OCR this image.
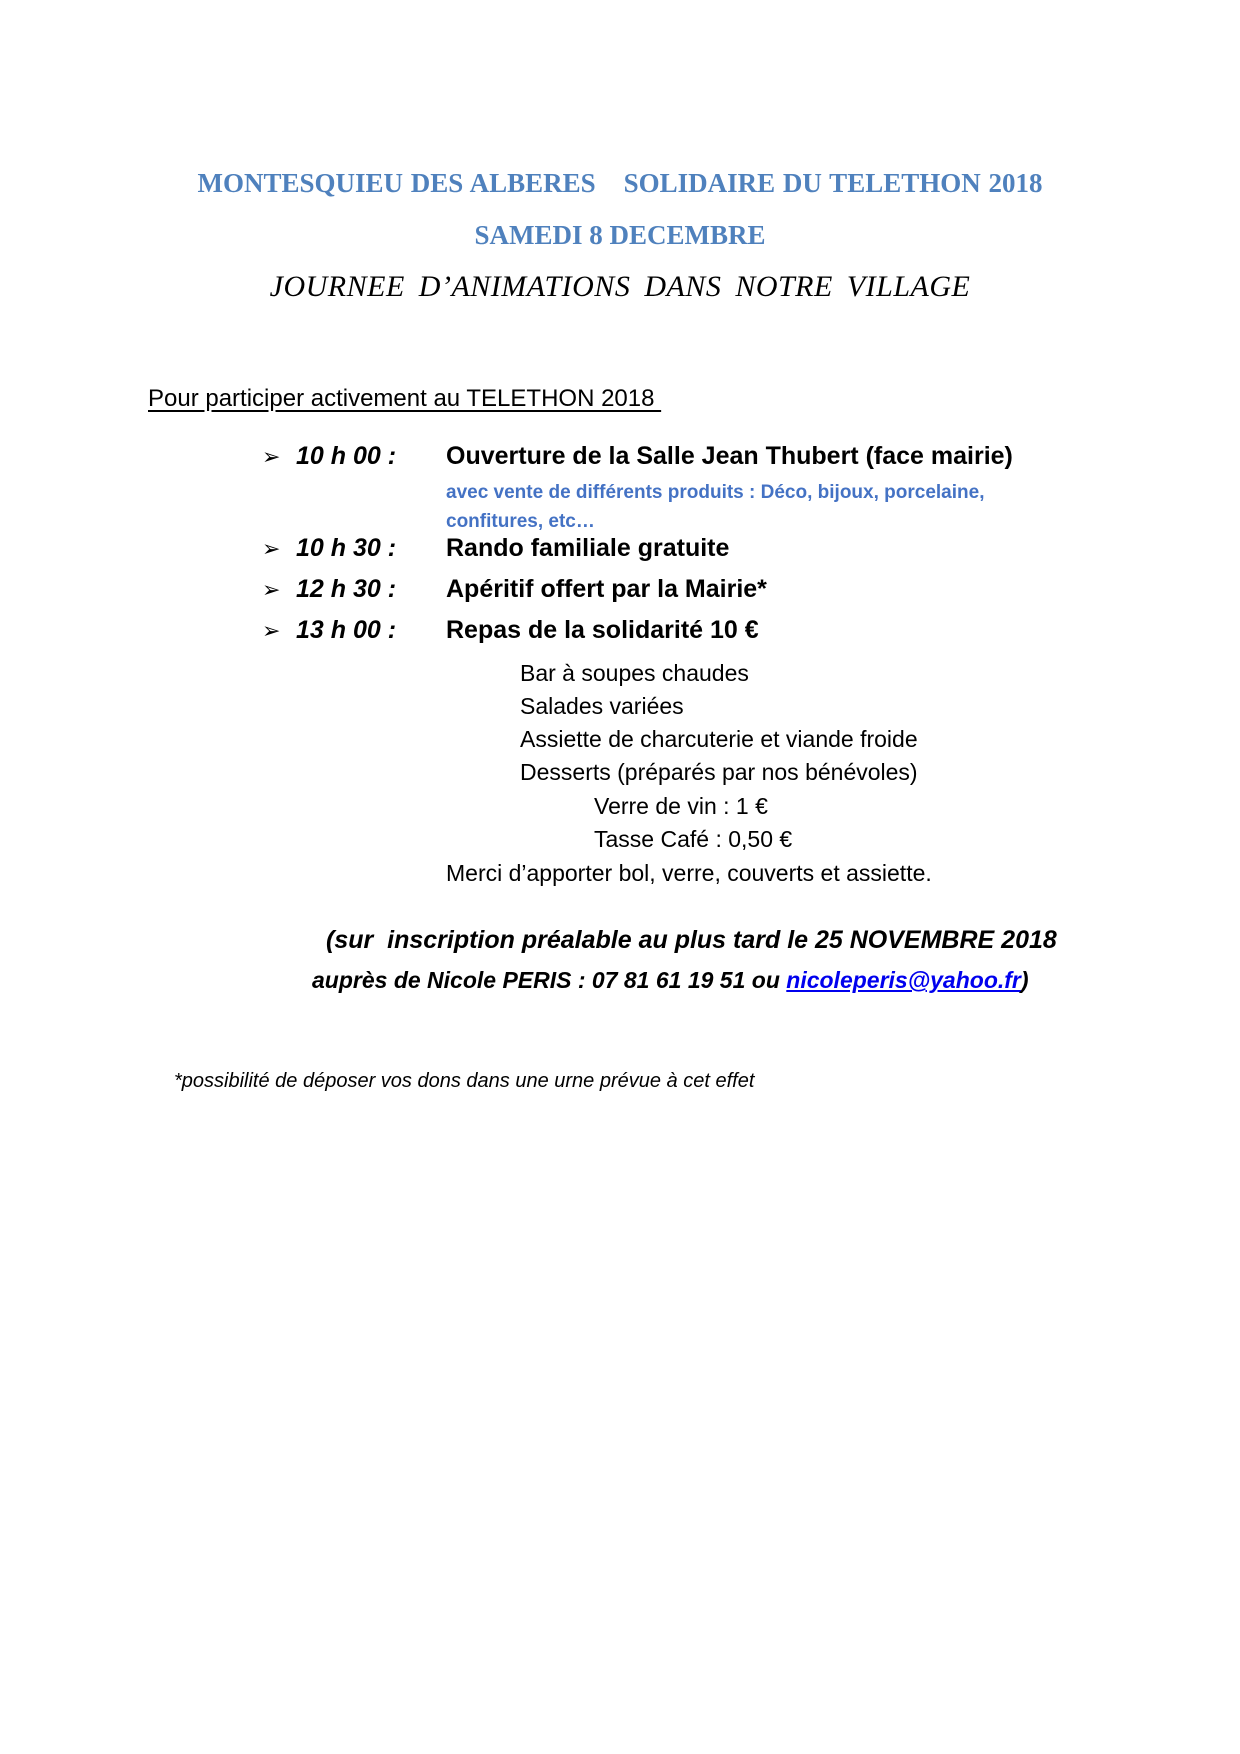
MONTESQUIEU DES ALBERES SOLIDAIRE DU TELETHON 2018
SAMEDI 8 DECEMBRE
JOURNEE D’ANIMATIONS DANS NOTRE VILLAGE
Pour participer activement au TELETHON 2018
➢ 10 h 00 : Ouverture de la Salle Jean Thubert (face mairie)
avec vente de différents produits : Déco, bijoux, porcelaine, confitures, etc…
➢ 10 h 30 : Rando familiale gratuite
➢ 12 h 30 : Apéritif offert par la Mairie*
➢ 13 h 00 : Repas de la solidarité 10 €
Bar à soupes chaudes
Salades variées
Assiette de charcuterie et viande froide
Desserts (préparés par nos bénévoles)
Verre de vin : 1 €
Tasse Café : 0,50 €
Merci d’apporter bol, verre, couverts et assiette.
(sur  inscription préalable au plus tard le 25 NOVEMBRE 2018
auprès de Nicole PERIS : 07 81 61 19 51 ou nicoleperis@yahoo.fr)
*possibilité de déposer vos dons dans une urne prévue à cet effet
